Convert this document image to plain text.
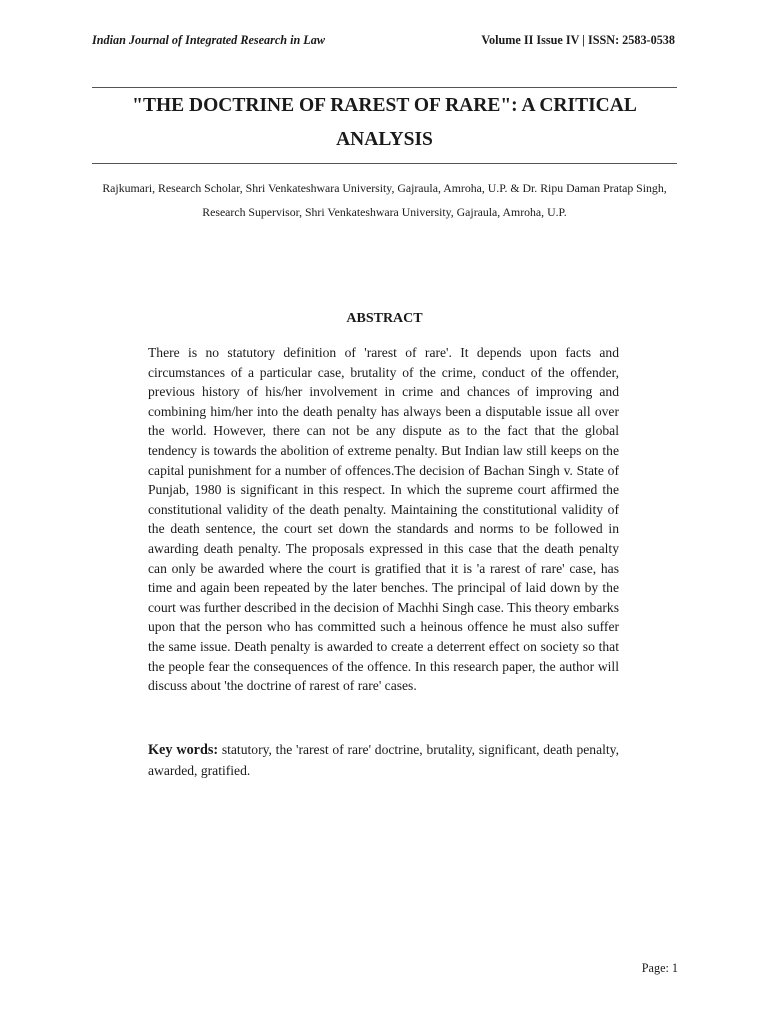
Indian Journal of Integrated Research in Law	Volume II Issue IV | ISSN: 2583-0538
"THE DOCTRINE OF RAREST OF RARE": A CRITICAL ANALYSIS
Rajkumari, Research Scholar, Shri Venkateshwara University, Gajraula, Amroha, U.P. & Dr. Ripu Daman Pratap Singh, Research Supervisor, Shri Venkateshwara University, Gajraula, Amroha, U.P.
ABSTRACT

There is no statutory definition of 'rarest of rare'. It depends upon facts and circumstances of a particular case, brutality of the crime, conduct of the offender, previous history of his/her involvement in crime and chances of improving and combining him/her into the death penalty has always been a disputable issue all over the world. However, there can not be any dispute as to the fact that the global tendency is towards the abolition of extreme penalty. But Indian law still keeps on the capital punishment for a number of offences.The decision of Bachan Singh v. State of Punjab, 1980 is significant in this respect. In which the supreme court affirmed the constitutional validity of the death penalty. Maintaining the constitutional validity of the death sentence, the court set down the standards and norms to be followed in awarding death penalty. The proposals expressed in this case that the death penalty can only be awarded where the court is gratified that it is 'a rarest of rare' case, has time and again been repeated by the later benches. The principal of laid down by the court was further described in the decision of Machhi Singh case. This theory embarks upon that the person who has committed such a heinous offence he must also suffer the same issue. Death penalty is awarded to create a deterrent effect on society so that the people fear the consequences of the offence. In this research paper, the author will discuss about 'the doctrine of rarest of rare' cases.

Key words: statutory, the 'rarest of rare' doctrine, brutality, significant, death penalty, awarded, gratified.

Page: 1
